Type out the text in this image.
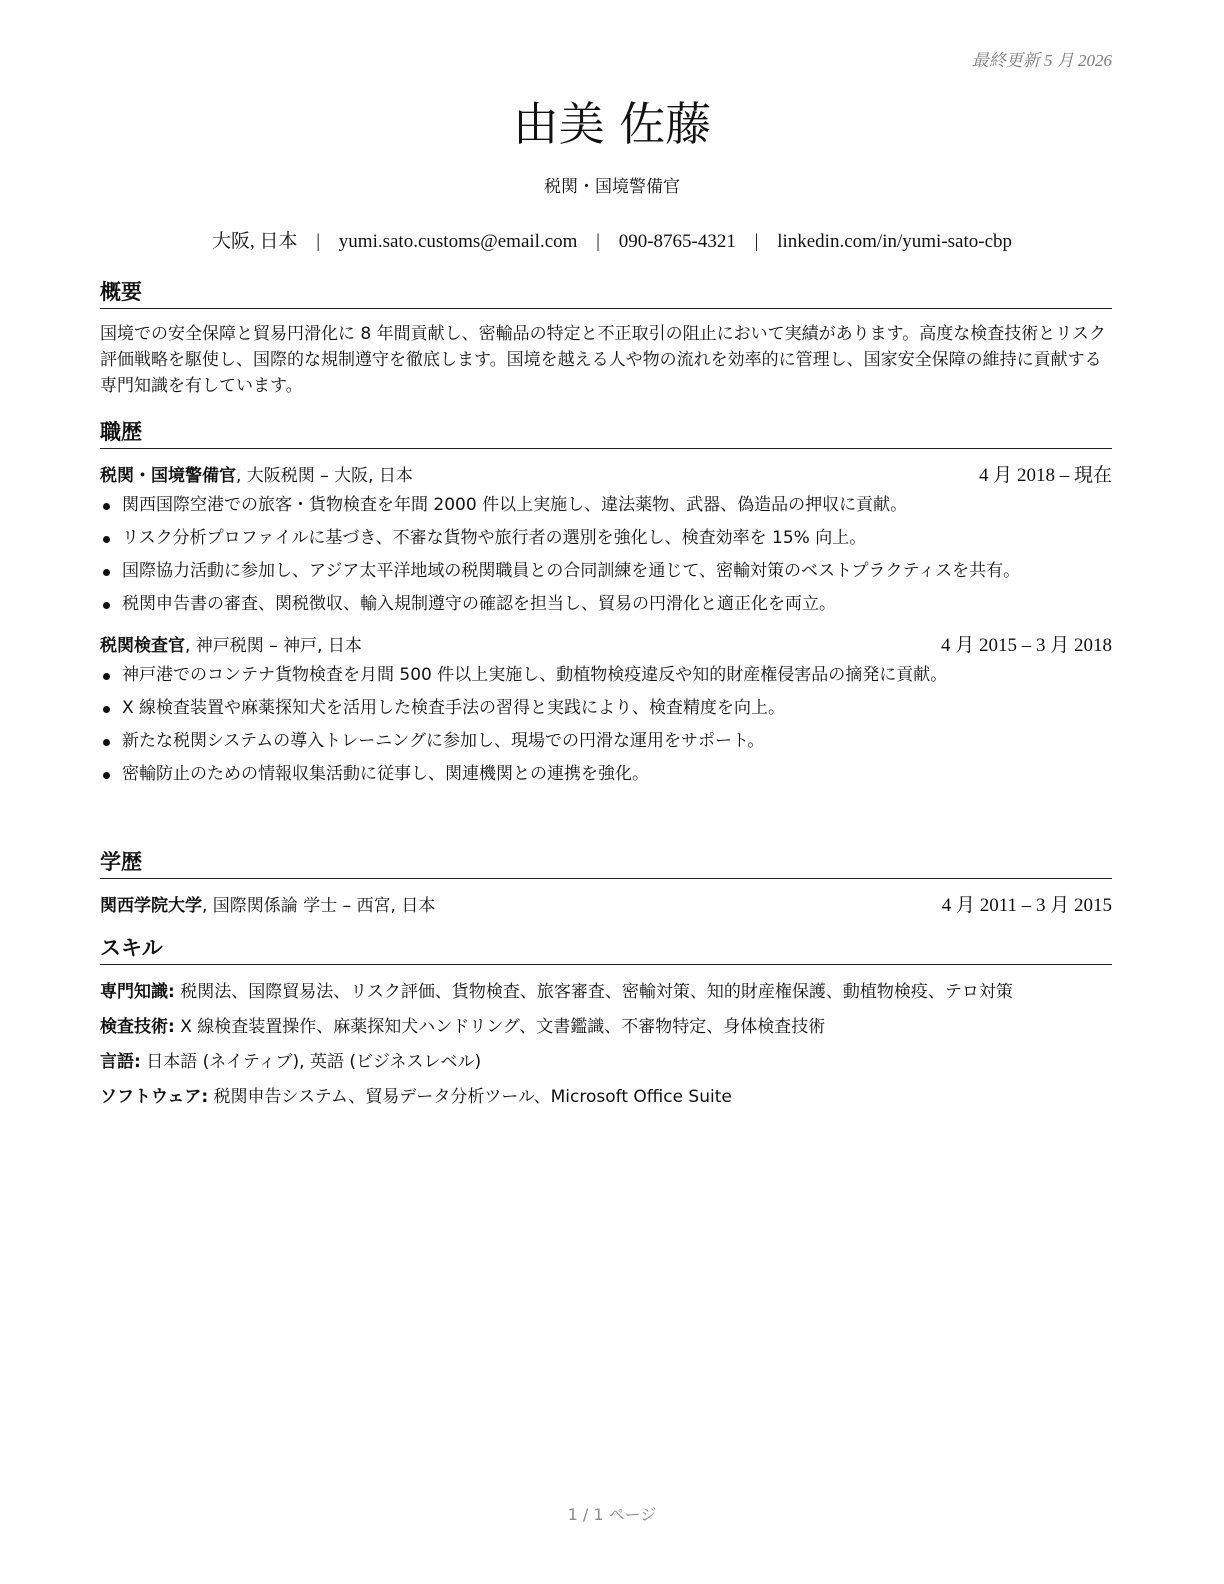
最終更新 5 月 2026
由美 佐藤
税関・国境警備官
大阪, 日本 | yumi.sato.customs@email.com | 090-8765-4321 | linkedin.com/in/yumi-sato-cbp
概要

国境での安全保障と貿易円滑化に 8 年間貢献し、密輸品の特定と不正取引の阻止において実績があります。高度な検査技術とリスク評価戦略を駆使し、国際的な規制遵守を徹底します。国境を越える人や物の流れを効率的に管理し、国家安全保障の維持に貢献する専門知識を有しています。

職歴
税関・国境警備官, 大阪税関 – 大阪, 日本	4 月 2018 – 現在
関西国際空港での旅客・貨物検査を年間 2000 件以上実施し、違法薬物、武器、偽造品の押収に貢献。
リスク分析プロファイルに基づき、不審な貨物や旅行者の選別を強化し、検査効率を 15% 向上。
国際協力活動に参加し、アジア太平洋地域の税関職員との合同訓練を通じて、密輸対策のベストプラクティスを共有。
税関申告書の審査、関税徴収、輸入規制遵守の確認を担当し、貿易の円滑化と適正化を両立。
税関検査官, 神戸税関 – 神戸, 日本	4 月 2015 – 3 月 2018
神戸港でのコンテナ貨物検査を月間 500 件以上実施し、動植物検疫違反や知的財産権侵害品の摘発に貢献。
X 線検査装置や麻薬探知犬を活用した検査手法の習得と実践により、検査精度を向上。
新たな税関システムの導入トレーニングに参加し、現場での円滑な運用をサポート。
密輸防止のための情報収集活動に従事し、関連機関との連携を強化。
学歴
関西学院大学, 国際関係論 学士 – 西宮, 日本	4 月 2011 – 3 月 2015
スキル
専門知識: 税関法、国際貿易法、リスク評価、貨物検査、旅客審査、密輸対策、知的財産権保護、動植物検疫、テロ対策
検査技術: X 線検査装置操作、麻薬探知犬ハンドリング、文書鑑識、不審物特定、身体検査技術
言語: 日本語 (ネイティブ), 英語 (ビジネスレベル)
ソフトウェア: 税関申告システム、貿易データ分析ツール、Microsoft Office Suite
1 / 1 ページ
